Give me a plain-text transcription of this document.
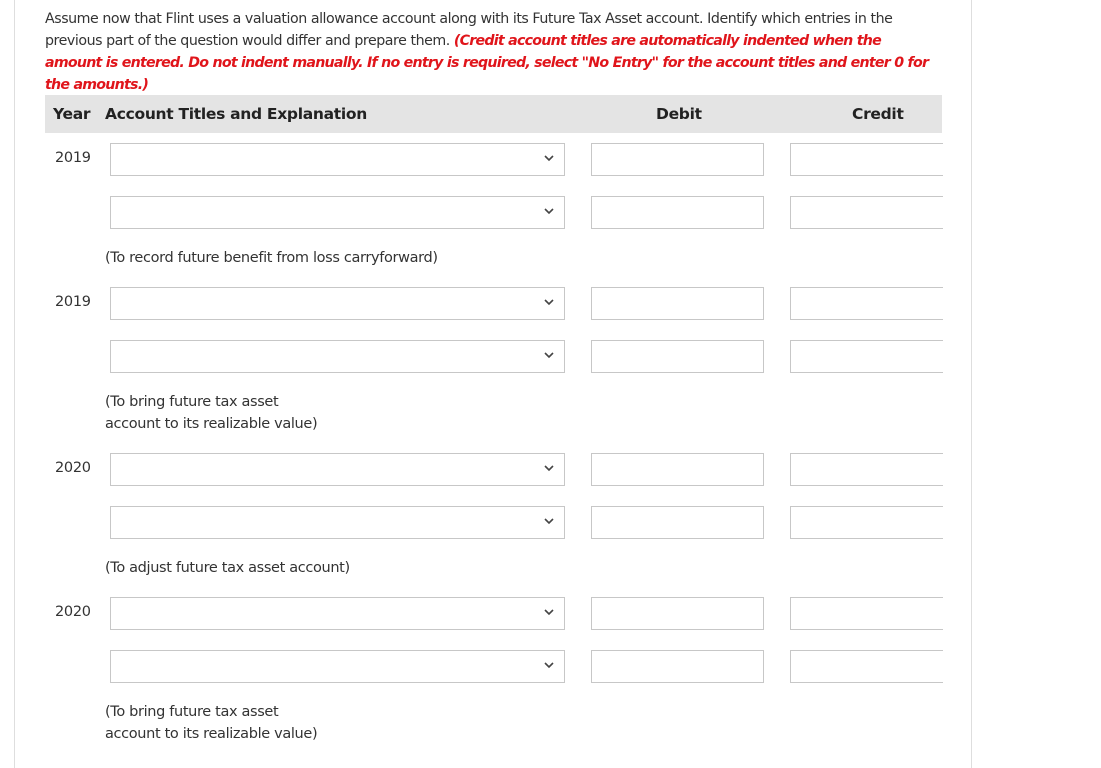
Assume now that Flint uses a valuation allowance account along with its Future Tax Asset account. Identify which entries in the previous part of the question would differ and prepare them. (Credit account titles are automatically indented when the amount is entered. Do not indent manually. If no entry is required, select "No Entry" for the account titles and enter 0 for the amounts.)
Year Account Titles and Explanation	Debit	Credit
2019
(To record future benefit from loss carryforward)
2019
(To bring future tax asset
account to its realizable value)
2020
(To adjust future tax asset account)
2020
(To bring future tax asset
account to its realizable value)
